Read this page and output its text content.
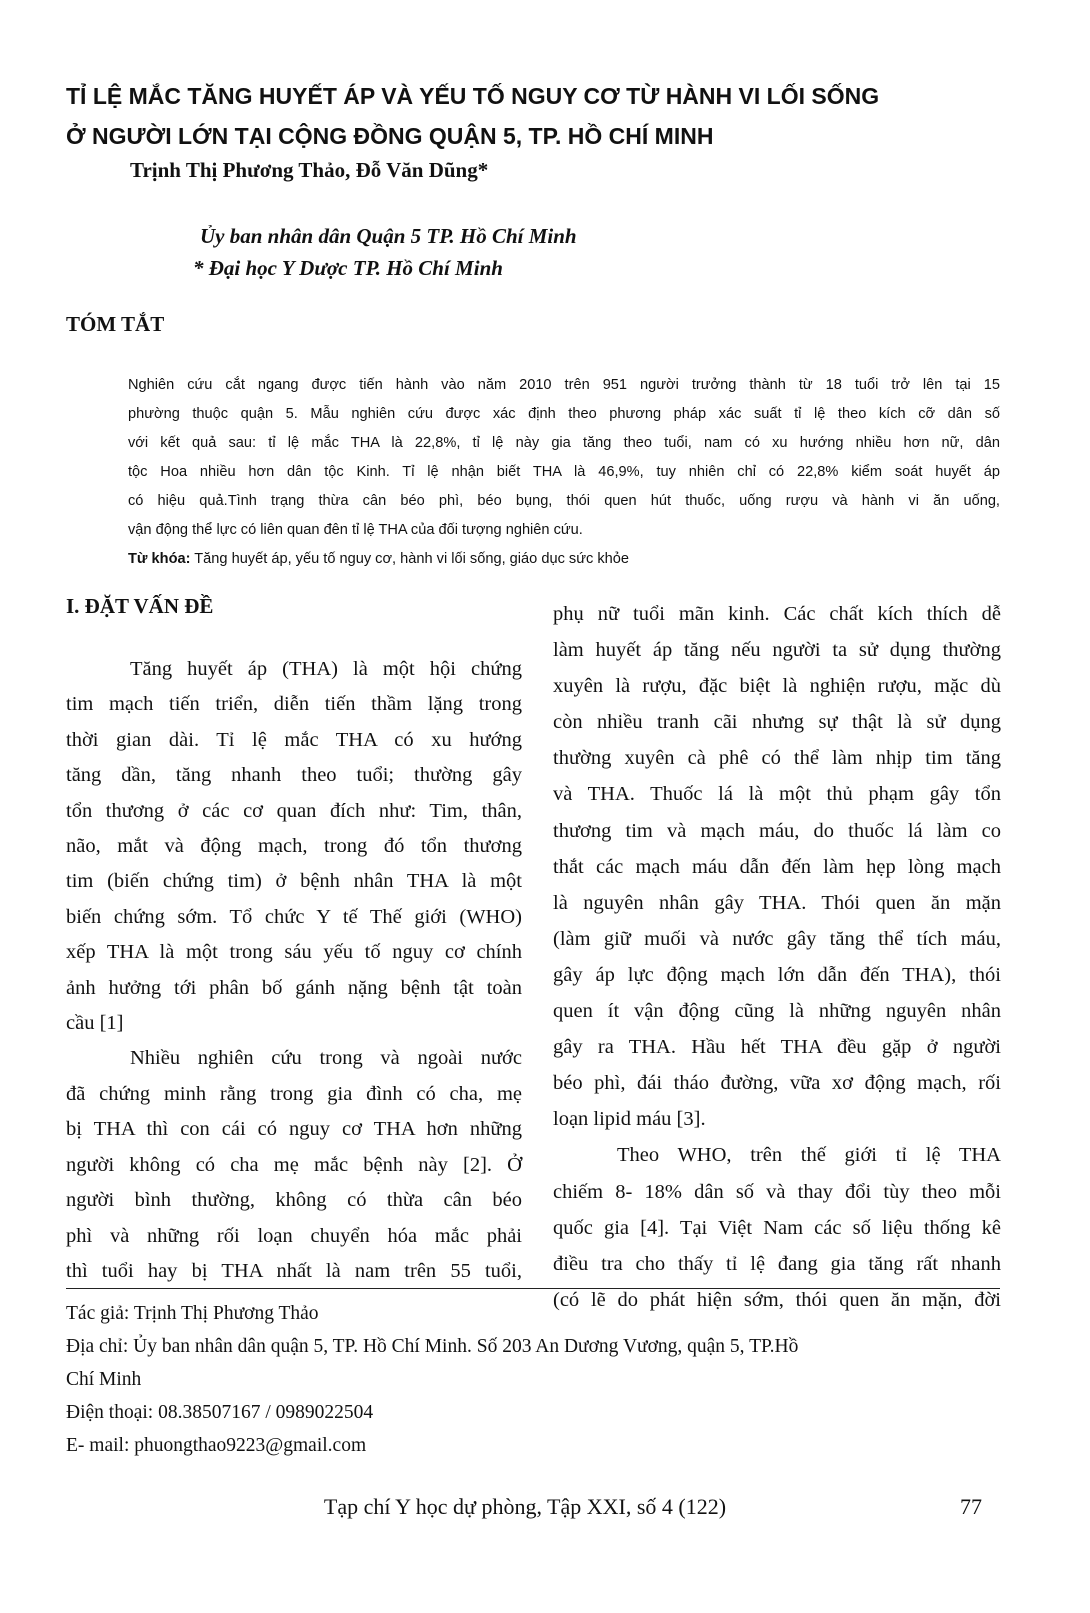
TỈ LỆ MẮC TĂNG HUYẾT ÁP VÀ YẾU TỐ NGUY CƠ TỪ HÀNH VI LỐI SỐNG
Ở NGƯỜI LỚN TẠI CỘNG ĐỒNG QUẬN 5, TP. HỒ CHÍ MINH
Trịnh Thị Phương Thảo, Đỗ Văn Dũng*
Ủy ban nhân dân Quận 5 TP. Hồ Chí Minh
* Đại học Y Dược TP. Hồ Chí Minh
TÓM TẮT
Nghiên cứu cắt ngang được tiến hành vào năm 2010 trên 951 người trưởng thành từ 18 tuổi trở lên tại 15
phường thuộc quận 5. Mẫu nghiên cứu được xác định theo phương pháp xác suất tỉ lệ theo kích cỡ dân số
với kết quả sau: tỉ lệ mắc THA là 22,8%, tỉ lệ này gia tăng theo tuổi, nam có xu hướng nhiều hơn nữ, dân
tộc Hoa nhiều hơn dân tộc Kinh. Tỉ lệ nhận biết THA là 46,9%, tuy nhiên chỉ có 22,8% kiểm soát huyết áp
có hiệu quả.Tình trạng thừa cân béo phì, béo bụng, thói quen hút thuốc, uống rượu và hành vi ăn uống,
vận động thể lực có liên quan đên tỉ lệ THA của đối tượng nghiên cứu.
Từ khóa: Tăng huyết áp, yếu tố nguy cơ, hành vi lối sống, giáo dục sức khỏe
I. ĐẶT VẤN ĐỀ
Tăng huyết áp (THA) là một hội chứng
tim mạch tiến triển, diễn tiến thầm lặng trong
thời gian dài. Tỉ lệ mắc THA có xu hướng
tăng dần, tăng nhanh theo tuổi; thường gây
tổn thương ở các cơ quan đích như: Tim, thân,
não, mắt và động mạch, trong đó tổn thương
tim (biến chứng tim) ở bệnh nhân THA là một
biến chứng sớm. Tổ chức Y tế Thế giới (WHO)
xếp THA là một trong sáu yếu tố nguy cơ chính
ảnh hưởng tới phân bố gánh nặng bệnh tật toàn
cầu [1]
Nhiều nghiên cứu trong và ngoài nước
đã chứng minh rằng trong gia đình có cha, mẹ
bị THA thì con cái có nguy cơ THA hơn những
người không có cha mẹ mắc bệnh này [2]. Ở
người bình thường, không có thừa cân béo
phì và những rối loạn chuyển hóa mắc phải
thì tuổi hay bị THA nhất là nam trên 55 tuổi,
phụ nữ tuổi mãn kinh. Các chất kích thích dễ
làm huyết áp tăng nếu người ta sử dụng thường
xuyên là rượu, đặc biệt là nghiện rượu, mặc dù
còn nhiều tranh cãi nhưng sự thật là sử dụng
thường xuyên cà phê có thể làm nhịp tim tăng
và THA. Thuốc lá là một thủ phạm gây tổn
thương tim và mạch máu, do thuốc lá làm co
thắt các mạch máu dẫn đến làm hẹp lòng mạch
là nguyên nhân gây THA. Thói quen ăn mặn
(làm giữ muối và nước gây tăng thể tích máu,
gây áp lực động mạch lớn dẫn đến THA), thói
quen ít vận động cũng là những nguyên nhân
gây ra THA. Hầu hết THA đều gặp ở người
béo phì, đái tháo đường, vữa xơ động mạch, rối
loạn lipid máu [3].
Theo WHO, trên thế giới tỉ lệ THA
chiếm 8- 18% dân số và thay đổi tùy theo mỗi
quốc gia [4]. Tại Việt Nam các số liệu thống kê
điều tra cho thấy tỉ lệ đang gia tăng rất nhanh
(có lẽ do phát hiện sớm, thói quen ăn mặn, đời
Tác giả: Trịnh Thị Phương Thảo
Địa chỉ: Ủy ban nhân dân quận 5, TP. Hồ Chí Minh. Số 203 An Dương Vương, quận 5, TP.Hồ
Chí Minh
Điện thoại: 08.38507167 / 0989022504
E- mail: phuongthao9223@gmail.com
Tạp chí Y học dự phòng, Tập XXI, số 4 (122)	77
